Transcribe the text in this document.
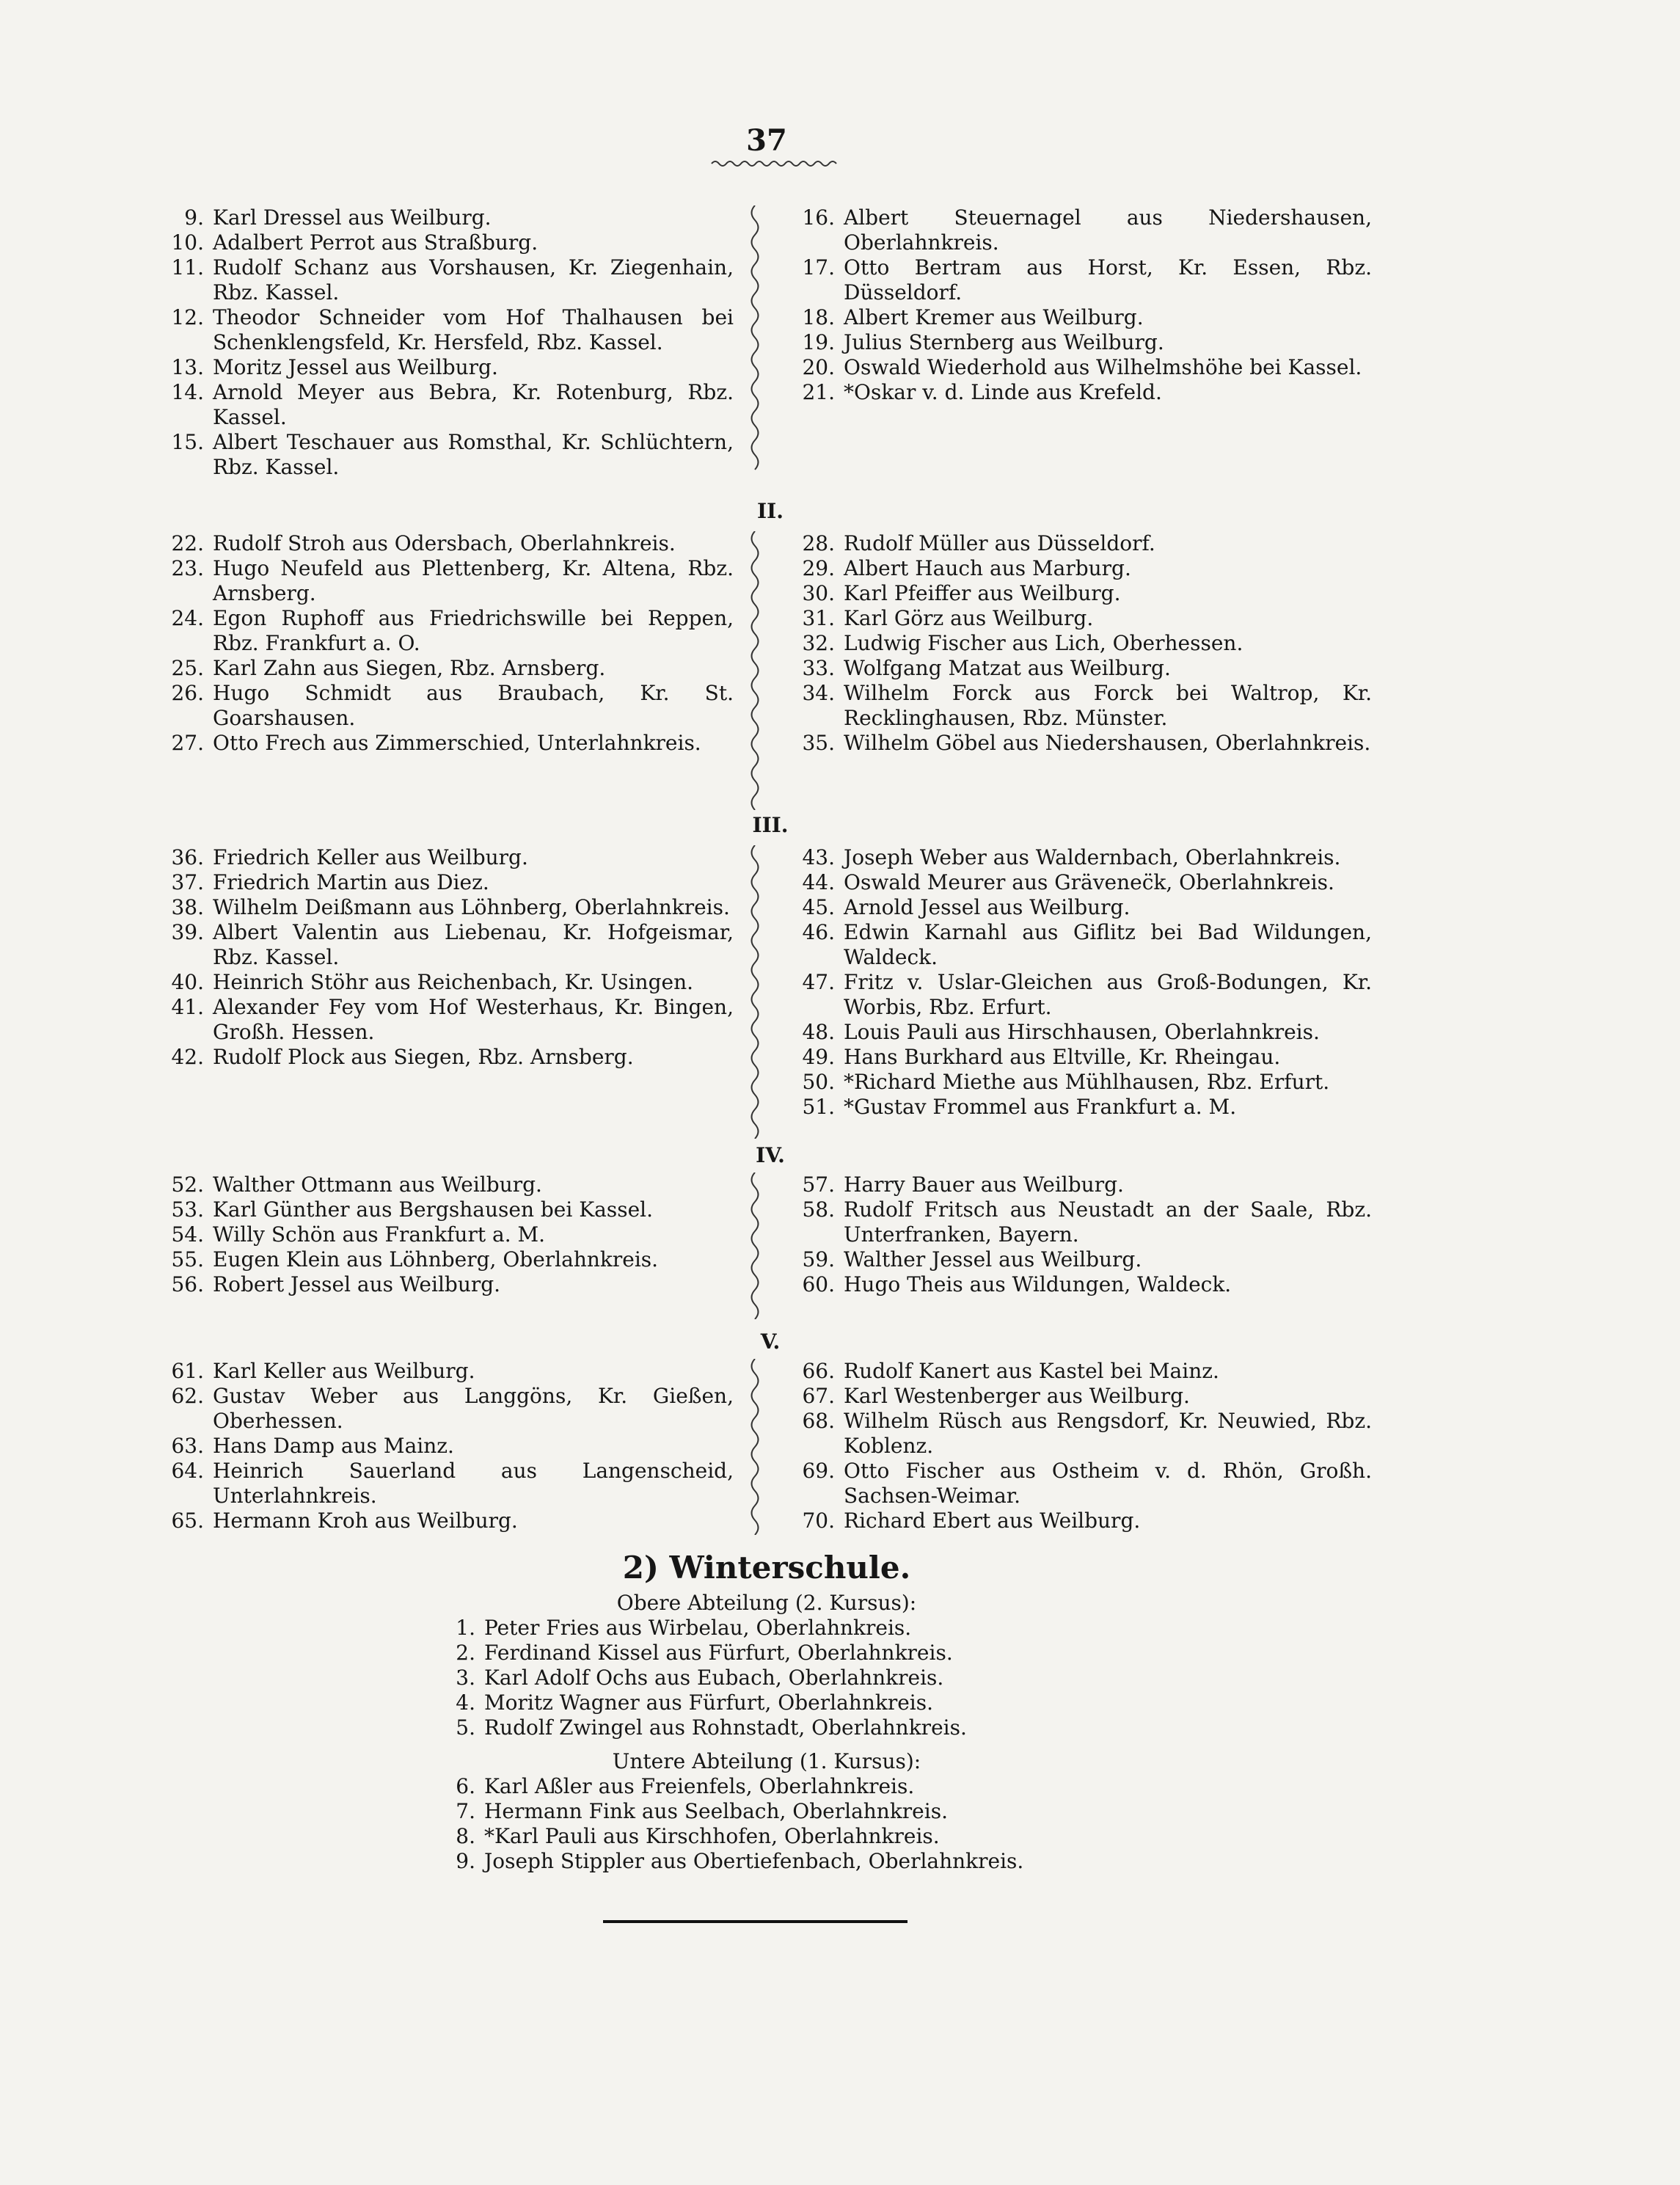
37
9. Karl Dressel aus Weilburg.
10. Adalbert Perrot aus Straßburg.
11. Rudolf Schanz aus Vorshausen, Kr. Ziegenhain, Rbz. Kassel.
12. Theodor Schneider vom Hof Thalhausen bei Schenklengsfeld, Kr. Hersfeld, Rbz. Kassel.
13. Moritz Jessel aus Weilburg.
14. Arnold Meyer aus Bebra, Kr. Rotenburg, Rbz. Kassel.
15. Albert Teschauer aus Romsthal, Kr. Schlüchtern, Rbz. Kassel.
16. Albert Steuernagel aus Niedershausen, Oberlahnkreis.
17. Otto Bertram aus Horst, Kr. Essen, Rbz. Düsseldorf.
18. Albert Kremer aus Weilburg.
19. Julius Sternberg aus Weilburg.
20. Oswald Wiederhold aus Wilhelmshöhe bei Kassel.
21. *Oskar v. d. Linde aus Krefeld.
II.
22. Rudolf Stroh aus Odersbach, Oberlahnkreis.
23. Hugo Neufeld aus Plettenberg, Kr. Altena, Rbz. Arnsberg.
24. Egon Ruphoff aus Friedrichswille bei Reppen, Rbz. Frankfurt a. O.
25. Karl Zahn aus Siegen, Rbz. Arnsberg.
26. Hugo Schmidt aus Braubach, Kr. St. Goarshausen.
27. Otto Frech aus Zimmerschied, Unterlahnkreis.
28. Rudolf Müller aus Düsseldorf.
29. Albert Hauch aus Marburg.
30. Karl Pfeiffer aus Weilburg.
31. Karl Görz aus Weilburg.
32. Ludwig Fischer aus Lich, Oberhessen.
33. Wolfgang Matzat aus Weilburg.
34. Wilhelm Forck aus Forck bei Waltrop, Kr. Recklinghausen, Rbz. Münster.
35. Wilhelm Göbel aus Niedershausen, Oberlahnkreis.
III.
36. Friedrich Keller aus Weilburg.
37. Friedrich Martin aus Diez.
38. Wilhelm Deißmann aus Löhnberg, Oberlahnkreis.
39. Albert Valentin aus Liebenau, Kr. Hofgeismar, Rbz. Kassel.
40. Heinrich Stöhr aus Reichenbach, Kr. Usingen.
41. Alexander Fey vom Hof Westerhaus, Kr. Bingen, Großh. Hessen.
42. Rudolf Plock aus Siegen, Rbz. Arnsberg.
43. Joseph Weber aus Waldernbach, Oberlahnkreis.
44. Oswald Meurer aus Grävenec̈k, Oberlahnkreis.
45. Arnold Jessel aus Weilburg.
46. Edwin Karnahl aus Giflitz bei Bad Wildungen, Waldeck.
47. Fritz v. Uslar-Gleichen aus Groß-Bodungen, Kr. Worbis, Rbz. Erfurt.
48. Louis Pauli aus Hirschhausen, Oberlahnkreis.
49. Hans Burkhard aus Eltville, Kr. Rheingau.
50. *Richard Miethe aus Mühlhausen, Rbz. Erfurt.
51. *Gustav Frommel aus Frankfurt a. M.
IV.
52. Walther Ottmann aus Weilburg.
53. Karl Günther aus Bergshausen bei Kassel.
54. Willy Schön aus Frankfurt a. M.
55. Eugen Klein aus Löhnberg, Oberlahnkreis.
56. Robert Jessel aus Weilburg.
57. Harry Bauer aus Weilburg.
58. Rudolf Fritsch aus Neustadt an der Saale, Rbz. Unterfranken, Bayern.
59. Walther Jessel aus Weilburg.
60. Hugo Theis aus Wildungen, Waldeck.
V.
61. Karl Keller aus Weilburg.
62. Gustav Weber aus Langgöns, Kr. Gießen, Oberhessen.
63. Hans Damp aus Mainz.
64. Heinrich Sauerland aus Langenscheid, Unterlahnkreis.
65. Hermann Kroh aus Weilburg.
66. Rudolf Kanert aus Kastel bei Mainz.
67. Karl Westenberger aus Weilburg.
68. Wilhelm Rüsch aus Rengsdorf, Kr. Neuwied, Rbz. Koblenz.
69. Otto Fischer aus Ostheim v. d. Rhön, Großh. Sachsen-Weimar.
70. Richard Ebert aus Weilburg.
2) Winterschule.
Obere Abteilung (2. Kursus):
1. Peter Fries aus Wirbelau, Oberlahnkreis.
2. Ferdinand Kissel aus Fürfurt, Oberlahnkreis.
3. Karl Adolf Ochs aus Eubach, Oberlahnkreis.
4. Moritz Wagner aus Fürfurt, Oberlahnkreis.
5. Rudolf Zwingel aus Rohnstadt, Oberlahnkreis.
Untere Abteilung (1. Kursus):
6. Karl Aßler aus Freienfels, Oberlahnkreis.
7. Hermann Fink aus Seelbach, Oberlahnkreis.
8. *Karl Pauli aus Kirschhofen, Oberlahnkreis.
9. Joseph Stippler aus Obertiefenbach, Oberlahnkreis.
